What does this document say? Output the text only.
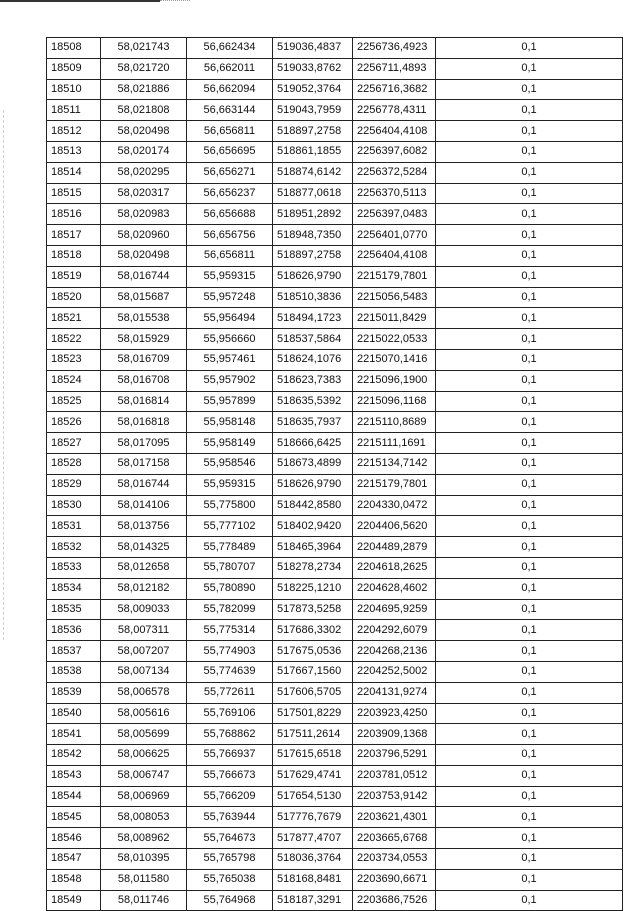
18508	58,021743	56,662434	519036,4837	2256736,4923	0,1
18509	58,021720	56,662011	519033,8762	2256711,4893	0,1
18510	58,021886	56,662094	519052,3764	2256716,3682	0,1
18511	58,021808	56,663144	519043,7959	2256778,4311	0,1
18512	58,020498	56,656811	518897,2758	2256404,4108	0,1
18513	58,020174	56,656695	518861,1855	2256397,6082	0,1
18514	58,020295	56,656271	518874,6142	2256372,5284	0,1
18515	58,020317	56,656237	518877,0618	2256370,5113	0,1
18516	58,020983	56,656688	518951,2892	2256397,0483	0,1
18517	58,020960	56,656756	518948,7350	2256401,0770	0,1
18518	58,020498	56,656811	518897,2758	2256404,4108	0,1
18519	58,016744	55,959315	518626,9790	2215179,7801	0,1
18520	58,015687	55,957248	518510,3836	2215056,5483	0,1
18521	58,015538	55,956494	518494,1723	2215011,8429	0,1
18522	58,015929	55,956660	518537,5864	2215022,0533	0,1
18523	58,016709	55,957461	518624,1076	2215070,1416	0,1
18524	58,016708	55,957902	518623,7383	2215096,1900	0,1
18525	58,016814	55,957899	518635,5392	2215096,1168	0,1
18526	58,016818	55,958148	518635,7937	2215110,8689	0,1
18527	58,017095	55,958149	518666,6425	2215111,1691	0,1
18528	58,017158	55,958546	518673,4899	2215134,7142	0,1
18529	58,016744	55,959315	518626,9790	2215179,7801	0,1
18530	58,014106	55,775800	518442,8580	2204330,0472	0,1
18531	58,013756	55,777102	518402,9420	2204406,5620	0,1
18532	58,014325	55,778489	518465,3964	2204489,2879	0,1
18533	58,012658	55,780707	518278,2734	2204618,2625	0,1
18534	58,012182	55,780890	518225,1210	2204628,4602	0,1
18535	58,009033	55,782099	517873,5258	2204695,9259	0,1
18536	58,007311	55,775314	517686,3302	2204292,6079	0,1
18537	58,007207	55,774903	517675,0536	2204268,2136	0,1
18538	58,007134	55,774639	517667,1560	2204252,5002	0,1
18539	58,006578	55,772611	517606,5705	2204131,9274	0,1
18540	58,005616	55,769106	517501,8229	2203923,4250	0,1
18541	58,005699	55,768862	517511,2614	2203909,1368	0,1
18542	58,006625	55,766937	517615,6518	2203796,5291	0,1
18543	58,006747	55,766673	517629,4741	2203781,0512	0,1
18544	58,006969	55,766209	517654,5130	2203753,9142	0,1
18545	58,008053	55,763944	517776,7679	2203621,4301	0,1
18546	58,008962	55,764673	517877,4707	2203665,6768	0,1
18547	58,010395	55,765798	518036,3764	2203734,0553	0,1
18548	58,011580	55,765038	518168,8481	2203690,6671	0,1
18549	58,011746	55,764968	518187,3291	2203686,7526	0,1
